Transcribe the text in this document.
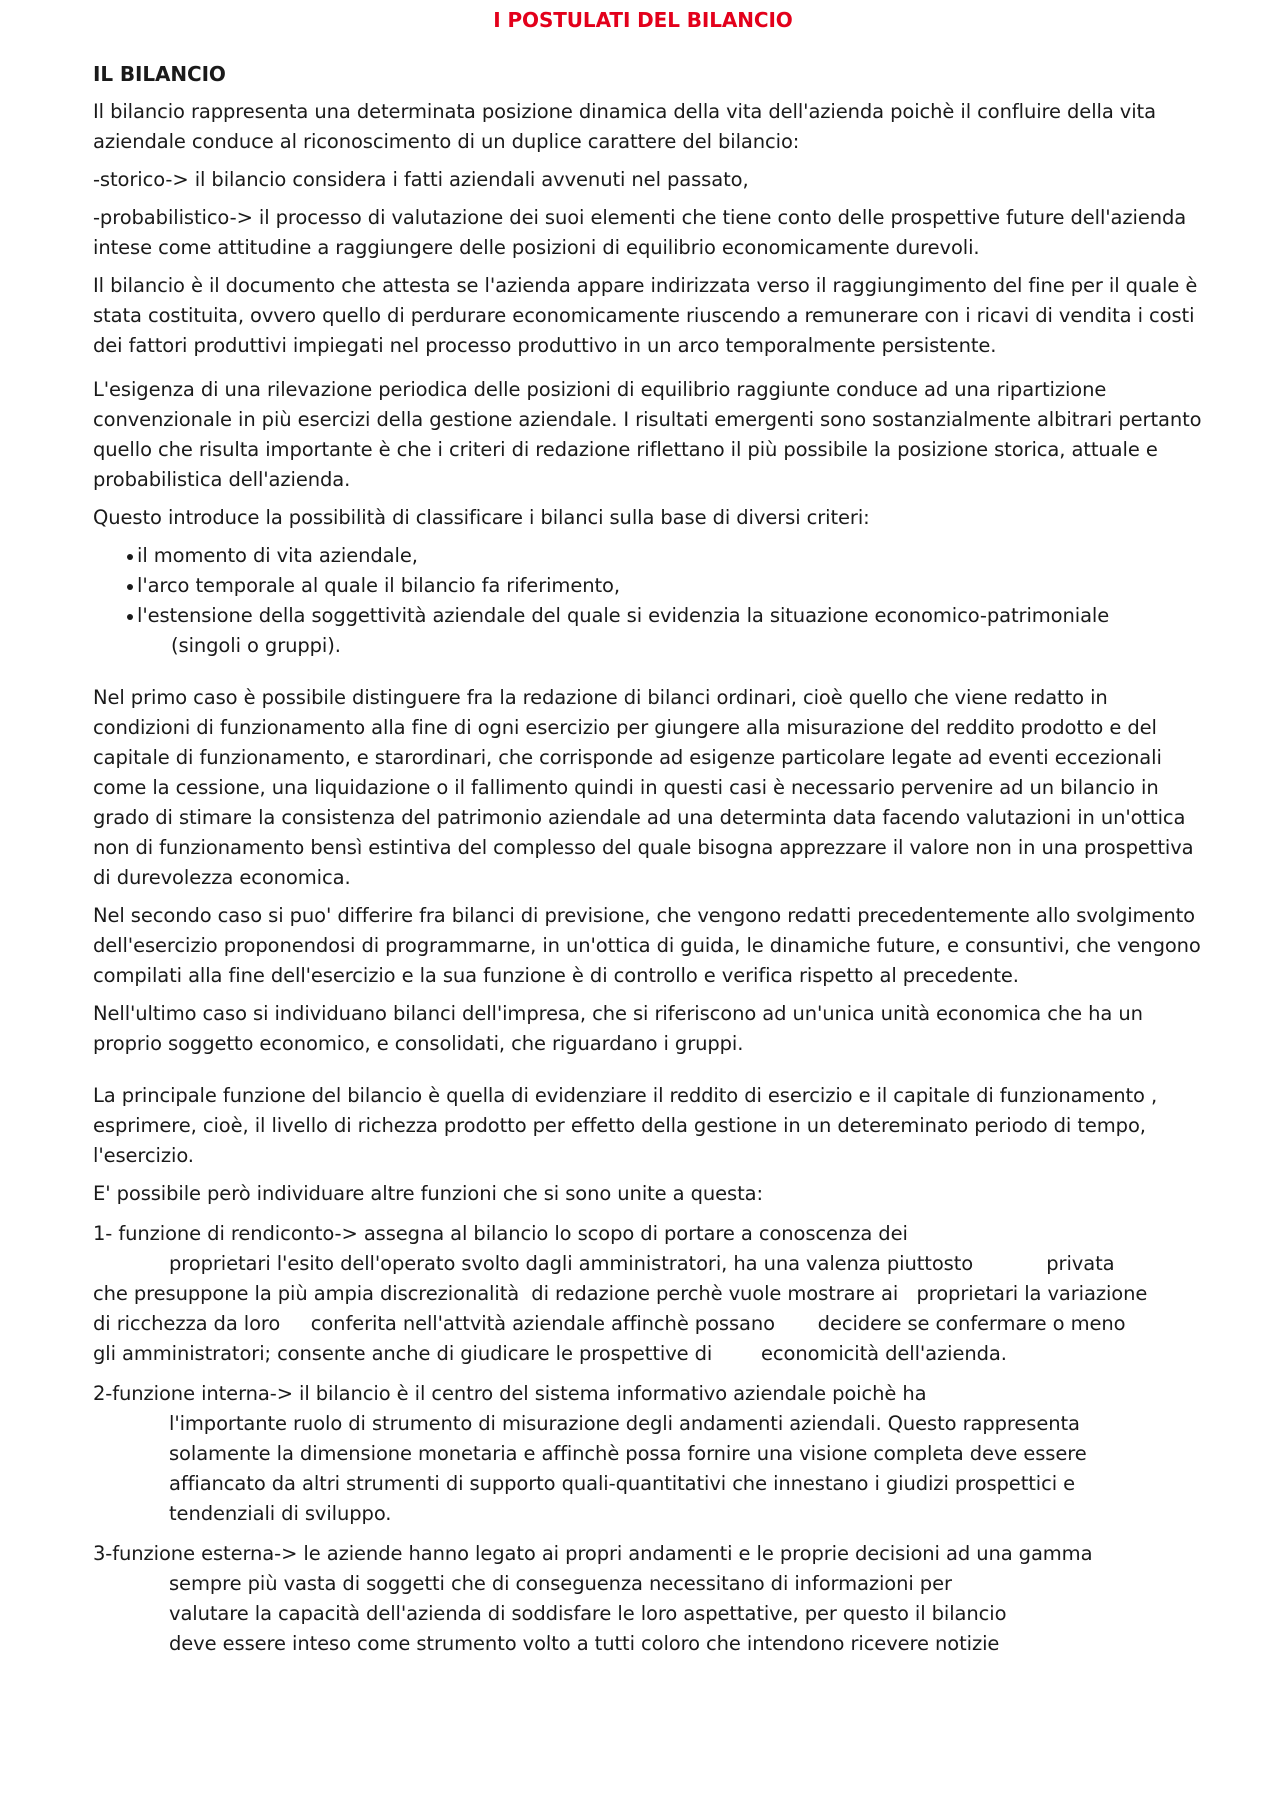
I POSTULATI DEL BILANCIO
IL BILANCIO

Il bilancio rappresenta una determinata posizione dinamica della vita dell'azienda poichè il confluire della vita aziendale conduce al riconoscimento di un duplice carattere del bilancio:

-storico-> il bilancio considera i fatti aziendali avvenuti nel passato,

-probabilistico-> il processo di valutazione dei suoi elementi che tiene conto delle prospettive future dell'azienda intese come attitudine a raggiungere delle posizioni di equilibrio economicamente durevoli.

Il bilancio è il documento che attesta se l'azienda appare indirizzata verso il raggiungimento del fine per il quale è stata costituita, ovvero quello di perdurare economicamente riuscendo a remunerare con i ricavi di vendita i costi dei fattori produttivi impiegati nel processo produttivo in un arco temporalmente persistente.

L'esigenza di una rilevazione periodica delle posizioni di equilibrio raggiunte conduce ad una ripartizione convenzionale in più esercizi della gestione aziendale. I risultati emergenti sono sostanzialmente albitrari pertanto quello che risulta importante è che i criteri di redazione riflettano il più possibile la posizione storica, attuale e probabilistica dell'azienda.

Questo introduce la possibilità di classificare i bilanci sulla base di diversi criteri:

il momento di vita aziendale,
l'arco temporale al quale il bilancio fa riferimento,
l'estensione della soggettività aziendale del quale si evidenzia la situazione economico-patrimoniale
(singoli o gruppi).

Nel primo caso è possibile distinguere fra la redazione di bilanci ordinari, cioè quello che viene redatto in condizioni di funzionamento alla fine di ogni esercizio per giungere alla misurazione del reddito prodotto e del capitale di funzionamento, e starordinari, che corrisponde ad esigenze particolare legate ad eventi eccezionali come la cessione, una liquidazione o il fallimento quindi in questi casi è necessario pervenire ad un bilancio in grado di stimare la consistenza del patrimonio aziendale ad una determinta data facendo valutazioni in un'ottica non di funzionamento bensì estintiva del complesso del quale bisogna apprezzare il valore non in una prospettiva di durevolezza economica.

Nel secondo caso si puo' differire fra bilanci di previsione, che vengono redatti precedentemente allo svolgimento dell'esercizio proponendosi di programmarne, in un'ottica di guida, le dinamiche future, e consuntivi, che vengono compilati alla fine dell'esercizio e la sua funzione è di controllo e verifica rispetto al precedente.

Nell'ultimo caso si individuano bilanci dell'impresa, che si riferiscono ad un'unica unità economica che ha un proprio soggetto economico, e consolidati, che riguardano i gruppi.

La principale funzione del bilancio è quella di evidenziare il reddito di esercizio e il capitale di funzionamento , esprimere, cioè, il livello di richezza prodotto per effetto della gestione in un detereminato periodo di tempo, l'esercizio.

E' possibile però individuare altre funzioni che si sono unite a questa:

1- funzione di rendiconto-> assegna al bilancio lo scopo di portare a conoscenza dei
proprietari l'esito dell'operato svolto dagli amministratori, ha una valenza piuttosto            privata
che presuppone la più ampia discrezionalità  di redazione perchè vuole mostrare ai   proprietari la variazione
di ricchezza da loro     conferita nell'attvità aziendale affinchè possano       decidere se confermare o meno
gli amministratori; consente anche di giudicare le prospettive di        economicità dell'azienda.
2-funzione interna-> il bilancio è il centro del sistema informativo aziendale poichè ha
l'importante ruolo di strumento di misurazione degli andamenti aziendali. Questo rappresenta
solamente la dimensione monetaria e affinchè possa fornire una visione completa deve essere
affiancato da altri strumenti di supporto quali-quantitativi che innestano i giudizi prospettici e
tendenziali di sviluppo.
3-funzione esterna-> le aziende hanno legato ai propri andamenti e le proprie decisioni ad una gamma
sempre più vasta di soggetti che di conseguenza necessitano di informazioni per
valutare la capacità dell'azienda di soddisfare le loro aspettative, per questo il bilancio
deve essere inteso come strumento volto a tutti coloro che intendono ricevere notizie
